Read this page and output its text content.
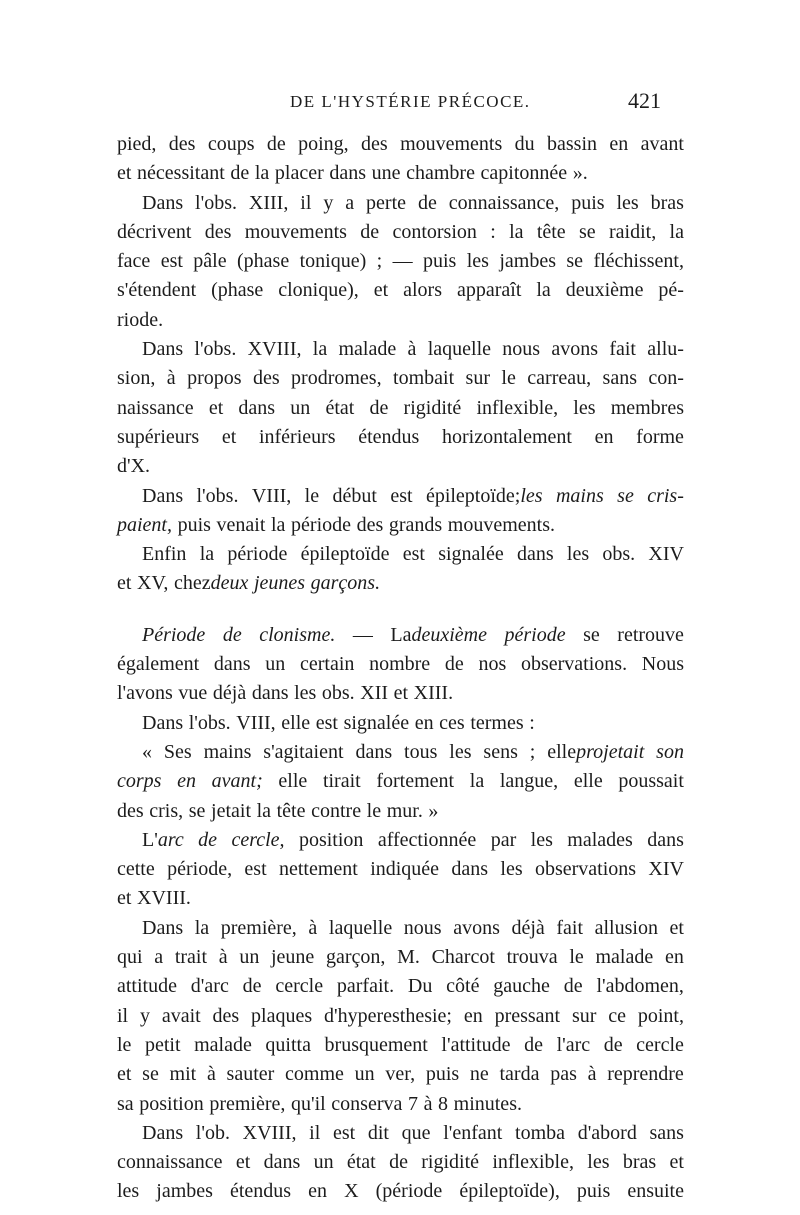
DE L'HYSTÉRIE PRÉCOCE.	421
pied, des coups de poing, des mouvements du bassin en avant
et nécessitant de la placer dans une chambre capitonnée ».
Dans l'obs. XIII, il y a perte de connaissance, puis les bras
décrivent des mouvements de contorsion : la tête se raidit, la
face est pâle (phase tonique) ; — puis les jambes se fléchissent,
s'étendent (phase clonique), et alors apparaît la deuxième pé-
riode.
Dans l'obs. XVIII, la malade à laquelle nous avons fait allu-
sion, à propos des prodromes, tombait sur le carreau, sans con-
naissance et dans un état de rigidité inflexible, les membres
supérieurs et inférieurs étendus horizontalement en forme
d'X.
Dans l'obs. VIII, le début est épileptoïde;les mains se cris-
paient, puis venait la période des grands mouvements.
Enfin la période épileptoïde est signalée dans les obs. XIV
et XV, chezdeux jeunes garçons.
Période de clonisme. — Ladeuxième période se retrouve
également dans un certain nombre de nos observations. Nous
l'avons vue déjà dans les obs. XII et XIII.
Dans l'obs. VIII, elle est signalée en ces termes :
« Ses mains s'agitaient dans tous les sens ; elleprojetait son
corps en avant; elle tirait fortement la langue, elle poussait
des cris, se jetait la tête contre le mur. »
L'arc de cercle, position affectionnée par les malades dans
cette période, est nettement indiquée dans les observations XIV
et XVIII.
Dans la première, à laquelle nous avons déjà fait allusion et
qui a trait à un jeune garçon, M. Charcot trouva le malade en
attitude d'arc de cercle parfait. Du côté gauche de l'abdomen,
il y avait des plaques d'hyperesthesie; en pressant sur ce point,
le petit malade quitta brusquement l'attitude de l'arc de cercle
et se mit à sauter comme un ver, puis ne tarda pas à reprendre
sa position première, qu'il conserva 7 à 8 minutes.
Dans l'ob. XVIII, il est dit que l'enfant tomba d'abord sans
connaissance et dans un état de rigidité inflexible, les bras et
les jambes étendus en X (période épileptoïde), puis ensuite
